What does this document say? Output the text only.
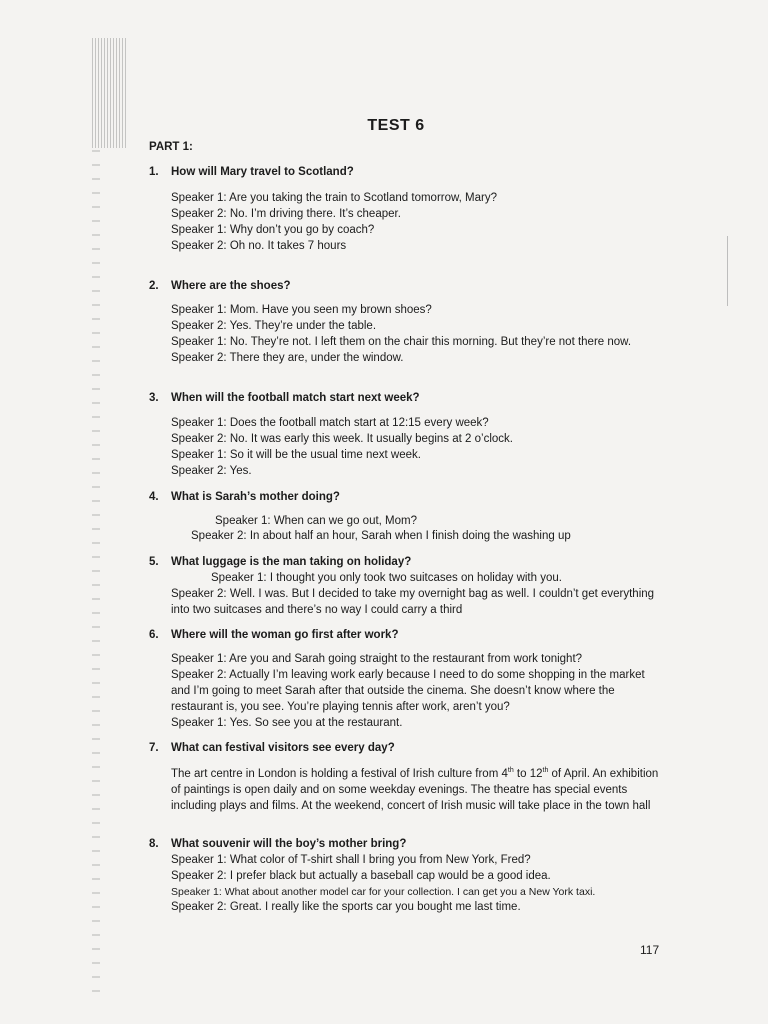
TEST 6
PART 1:
1. How will Mary travel to Scotland?
Speaker 1: Are you taking the train to Scotland tomorrow, Mary?
Speaker 2: No. I’m driving there. It’s cheaper.
Speaker 1: Why don’t you go by coach?
Speaker 2: Oh no. It takes 7 hours
2. Where are the shoes?
Speaker 1: Mom. Have you seen my brown shoes?
Speaker 2: Yes. They’re under the table.
Speaker 1: No. They’re not. I left them on the chair this morning. But they’re not there now.
Speaker 2: There they are, under the window.
3. When will the football match start next week?
Speaker 1: Does the football match start at 12:15 every week?
Speaker 2: No. It was early this week. It usually begins at 2 o’clock.
Speaker 1: So it will be the usual time next week.
Speaker 2: Yes.
4. What is Sarah’s mother doing?
Speaker 1: When can we go out, Mom?
Speaker 2: In about half an hour, Sarah when I finish doing the washing up
5. What luggage is the man taking on holiday?
Speaker 1: I thought you only took two suitcases on holiday with you.
Speaker 2: Well. I was. But I decided to take my overnight bag as well. I couldn’t get everything
into two suitcases and there’s no way I could carry a third
6. Where will the woman go first after work?
Speaker 1: Are you and Sarah going straight to the restaurant from work tonight?
Speaker 2: Actually I’m leaving work early because I need to do some shopping in the market
and I’m going to meet Sarah after that outside the cinema. She doesn’t know where the
restaurant is, you see. You’re playing tennis after work, aren’t you?
Speaker 1: Yes. So see you at the restaurant.
7. What can festival visitors see every day?
The art centre in London is holding a festival of Irish culture from 4th to 12th of April. An exhibition of paintings is open daily and on some weekday evenings. The theatre has special events including plays and films. At the weekend, concert of Irish music will take place in the town hall
8. What souvenir will the boy’s mother bring?
Speaker 1: What color of T-shirt shall I bring you from New York, Fred?
Speaker 2: I prefer black but actually a baseball cap would be a good idea.
Speaker 1: What about another model car for your collection. I can get you a New York taxi.
Speaker 2: Great. I really like the sports car you bought me last time.
117
